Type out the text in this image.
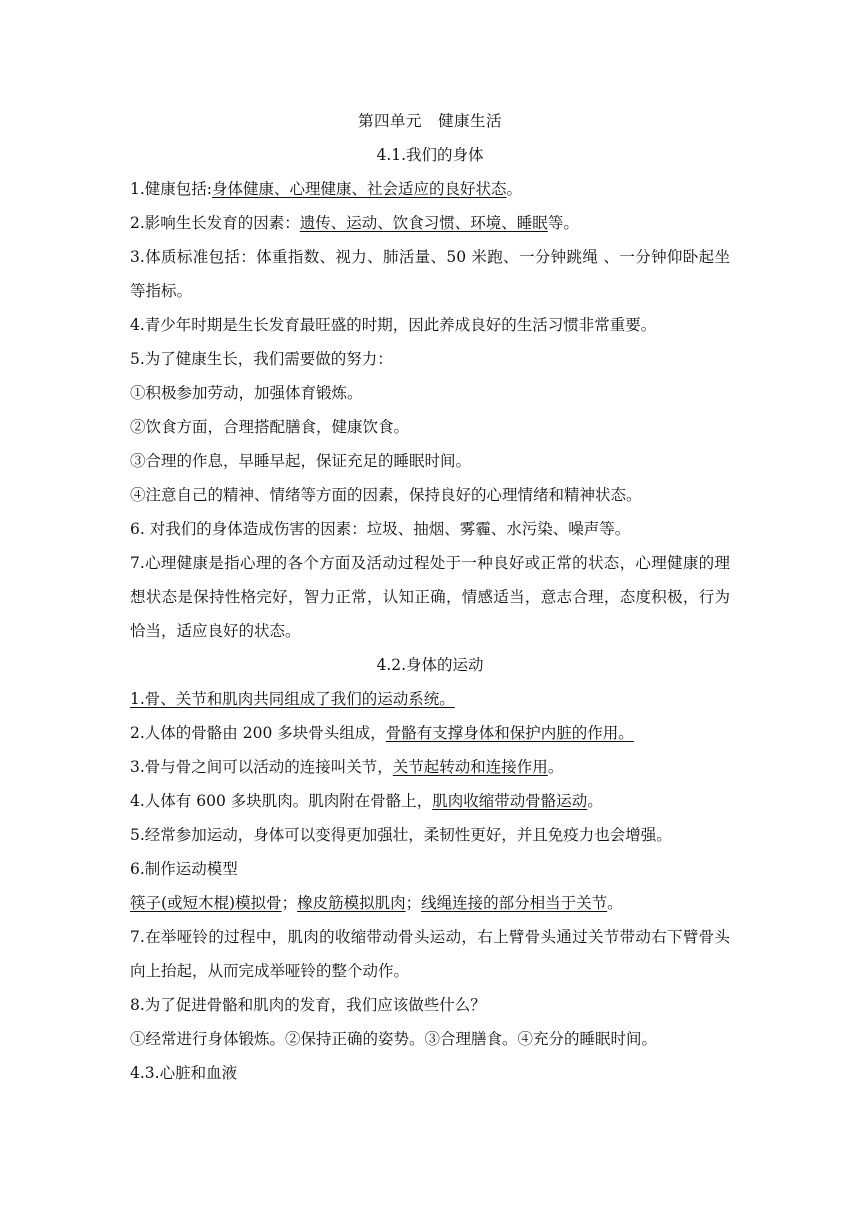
第四单元　健康生活

4.1.我们的身体

1.健康包括:身体健康、心理健康、社会适应的良好状态。

2.影响生长发育的因素：遗传、运动、饮食习惯、环境、睡眠等。

3.体质标准包括：体重指数、视力、肺活量、50 米跑、一分钟跳绳 、一分钟仰卧起坐等指标。

4.青少年时期是生长发育最旺盛的时期，因此养成良好的生活习惯非常重要。

5.为了健康生长，我们需要做的努力：

①积极参加劳动，加强体育锻炼。

②饮食方面，合理搭配膳食，健康饮食。

③合理的作息，早睡早起，保证充足的睡眠时间。

④注意自己的精神、情绪等方面的因素，保持良好的心理情绪和精神状态。

6. 对我们的身体造成伤害的因素：垃圾、抽烟、雾霾、水污染、噪声等。

7.心理健康是指心理的各个方面及活动过程处于一种良好或正常的状态，心理健康的理想状态是保持性格完好，智力正常，认知正确，情感适当，意志合理，态度积极，行为恰当，适应良好的状态。

4.2.身体的运动

1.骨、关节和肌肉共同组成了我们的运动系统。

2.人体的骨骼由 200 多块骨头组成，骨骼有支撑身体和保护内脏的作用。

3.骨与骨之间可以活动的连接叫关节，关节起转动和连接作用。

4.人体有 600 多块肌肉。肌肉附在骨骼上，肌肉收缩带动骨骼运动。

5.经常参加运动，身体可以变得更加强壮，柔韧性更好，并且免疫力也会增强。

6.制作运动模型

筷子(或短木棍)模拟骨；橡皮筋模拟肌肉；线绳连接的部分相当于关节。

7.在举哑铃的过程中，肌肉的收缩带动骨头运动，右上臂骨头通过关节带动右下臂骨头向上抬起，从而完成举哑铃的整个动作。

8.为了促进骨骼和肌肉的发育，我们应该做些什么？

①经常进行身体锻炼。②保持正确的姿势。③合理膳食。④充分的睡眠时间。

4.3.心脏和血液
